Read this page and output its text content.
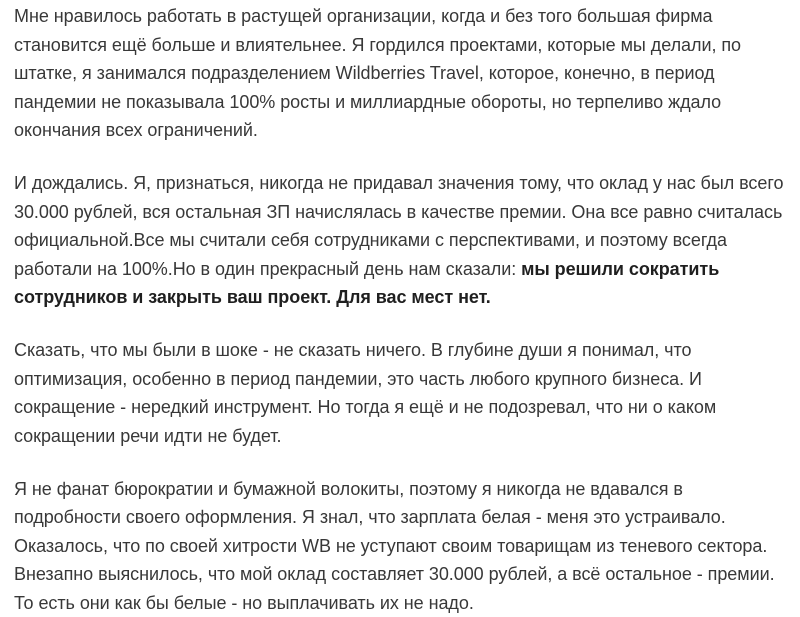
Мне нравилось работать в растущей организации, когда и без того большая фирма становится ещё больше и влиятельнее. Я гордился проектами, которые мы делали, по штатке, я занимался подразделением Wildberries Travel, которое, конечно, в период пандемии не показывала 100% росты и миллиардные обороты, но терпеливо ждало окончания всех ограничений.

И дождались. Я, признаться, никогда не придавал значения тому, что оклад у нас был всего 30.000 рублей, вся остальная ЗП начислялась в качестве премии. Она все равно считалась официальной.Все мы считали себя сотрудниками с перспективами, и поэтому всегда работали на 100%.Но в один прекрасный день нам сказали: мы решили сократить сотрудников и закрыть ваш проект. Для вас мест нет.

Сказать, что мы были в шоке - не сказать ничего. В глубине души я понимал, что оптимизация, особенно в период пандемии, это часть любого крупного бизнеса. И сокращение - нередкий инструмент. Но тогда я ещё и не подозревал, что ни о каком сокращении речи идти не будет.

Я не фанат бюрократии и бумажной волокиты, поэтому я никогда не вдавался в подробности своего оформления. Я знал, что зарплата белая - меня это устраивало. Оказалось, что по своей хитрости WB не уступают своим товарищам из теневого сектора. Внезапно выяснилось, что мой оклад составляет 30.000 рублей, а всё остальное - премии. То есть они как бы белые - но выплачивать их не надо.
